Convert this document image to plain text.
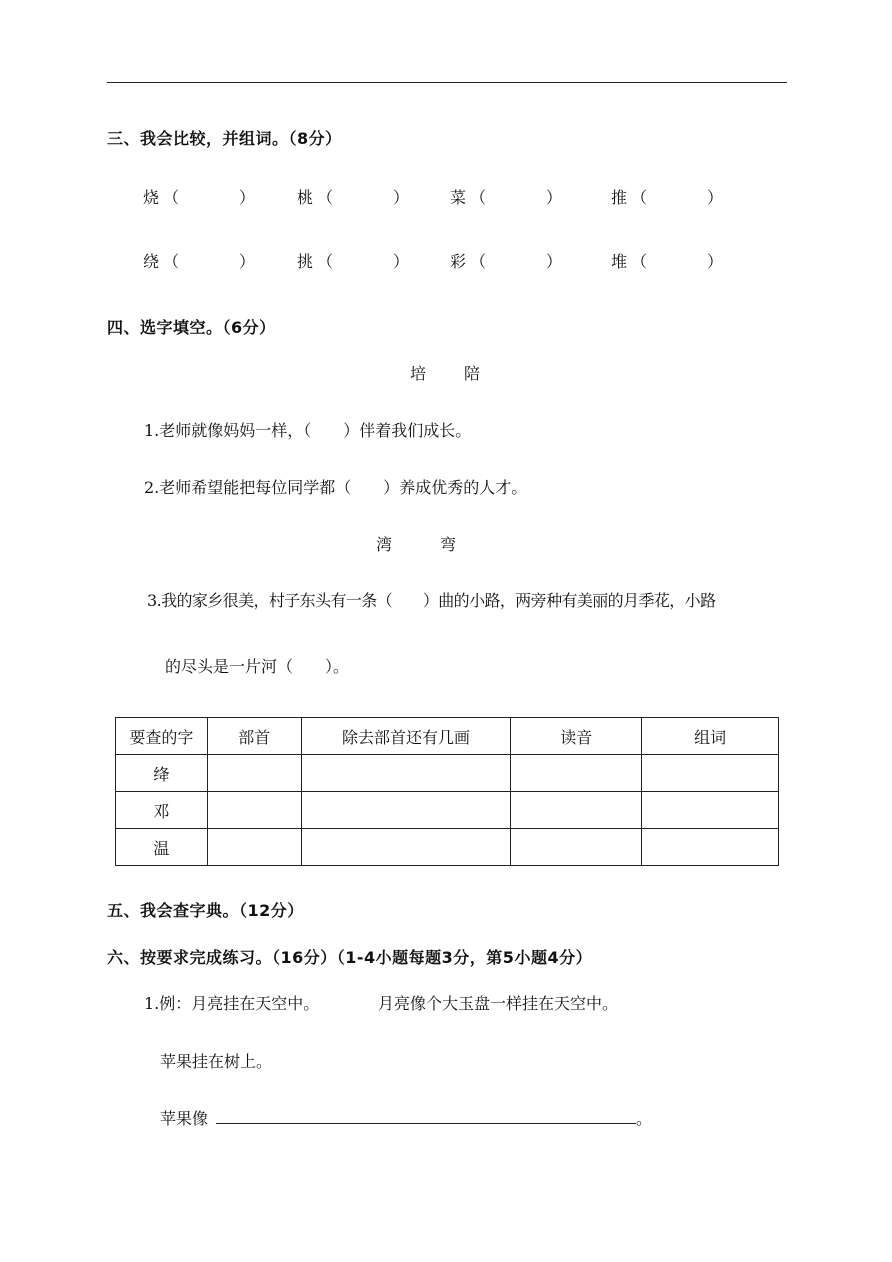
三、我会比较，并组词。（8分）
烧 （	）	桃 （	）	菜 （	）	推 （	）
绕 （	）	挑 （	）	彩 （	）	堆 （	）
四、选字填空。（6分）
培 陪
1.老师就像妈妈一样，（　　）伴着我们成长。
2.老师希望能把每位同学都（　　）养成优秀的人才。
湾	弯
3.我的家乡很美，村子东头有一条（　　）曲的小路，两旁种有美丽的月季花，小路
的尽头是一片河（　　）。
要查的字	部首	除去部首还有几画	读音	组词
绛				
邓				
温				
五、我会查字典。（12分）
六、按要求完成练习。（16分）（1-4小题每题3分，第5小题4分）
1.例：月亮挂在天空中。	月亮像个大玉盘一样挂在天空中。
苹果挂在树上。
苹果像	。
